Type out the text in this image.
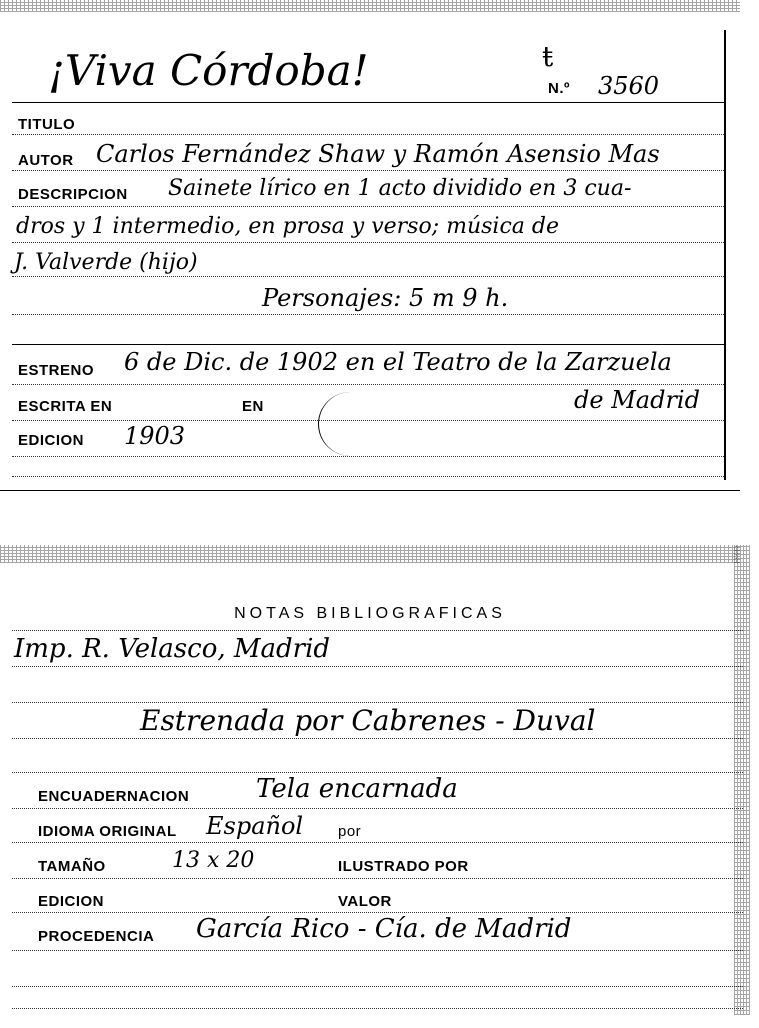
¡Viva Córdoba!	ŧ
N.º 3560
TITULO
AUTOR Carlos Fernández Shaw y Ramón Asensio Mas
DESCRIPCION Sainete lírico en 1 acto dividido en 3 cua-
dros y 1 intermedio, en prosa y verso; música de
J. Valverde (hijo)
Personajes: 5 m 9 h.
ESTRENO 6 de Dic. de 1902 en el Teatro de la Zarzuela
ESCRITA EN	EN	de Madrid
EDICION 1903
NOTAS BIBLIOGRAFICAS
Imp. R. Velasco, Madrid
Estrenada por Cabrenes - Duval
ENCUADERNACION	Tela encarnada
IDIOMA ORIGINAL Español por
TAMAÑO	13 x 20	ILUSTRADO POR
EDICION	VALOR
PROCEDENCIA García Rico - Cía. de Madrid
